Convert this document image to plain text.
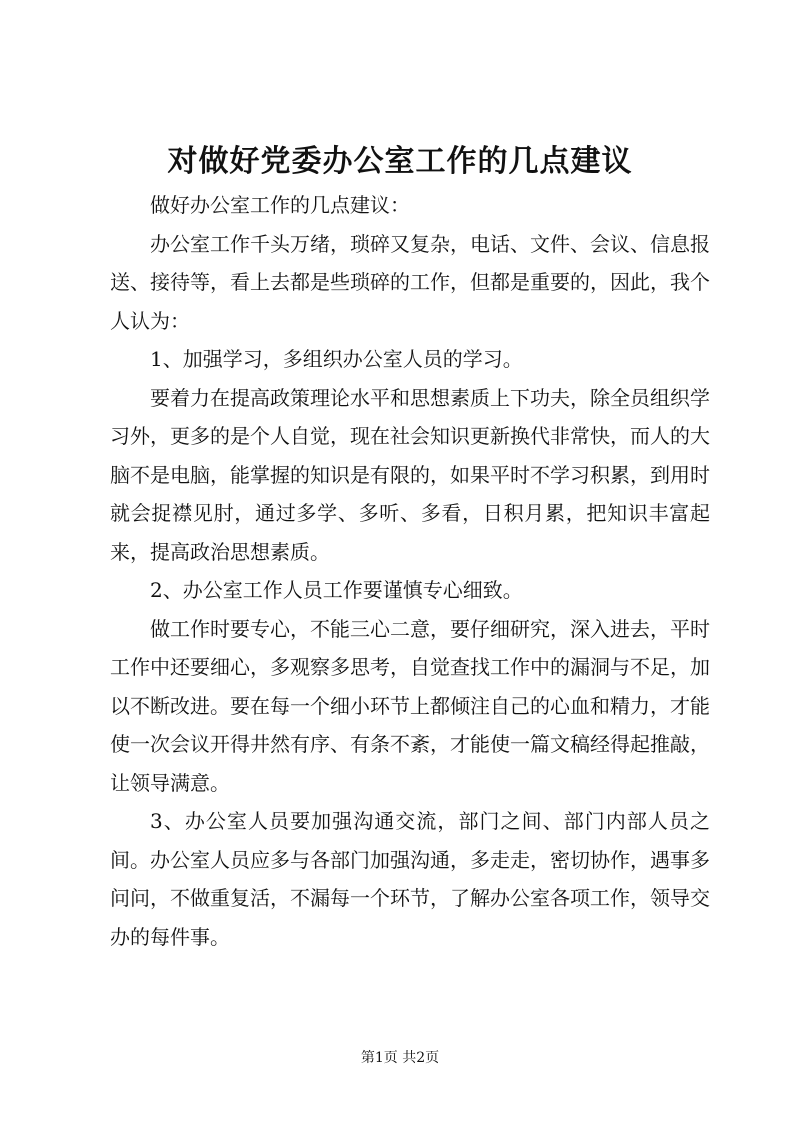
对做好党委办公室工作的几点建议

做好办公室工作的几点建议：

办公室工作千头万绪，琐碎又复杂，电话、文件、会议、信息报送、接待等，看上去都是些琐碎的工作，但都是重要的，因此，我个人认为：

1、加强学习，多组织办公室人员的学习。

要着力在提高政策理论水平和思想素质上下功夫，除全员组织学习外，更多的是个人自觉，现在社会知识更新换代非常快，而人的大脑不是电脑，能掌握的知识是有限的，如果平时不学习积累，到用时就会捉襟见肘，通过多学、多听、多看，日积月累，把知识丰富起来，提高政治思想素质。

2、办公室工作人员工作要谨慎专心细致。

做工作时要专心，不能三心二意，要仔细研究，深入进去，平时工作中还要细心，多观察多思考，自觉查找工作中的漏洞与不足，加以不断改进。要在每一个细小环节上都倾注自己的心血和精力，才能使一次会议开得井然有序、有条不紊，才能使一篇文稿经得起推敲，让领导满意。

3、办公室人员要加强沟通交流，部门之间、部门内部人员之间。办公室人员应多与各部门加强沟通，多走走，密切协作，遇事多问问，不做重复活，不漏每一个环节，了解办公室各项工作，领导交办的每件事。

第1页 共2页
